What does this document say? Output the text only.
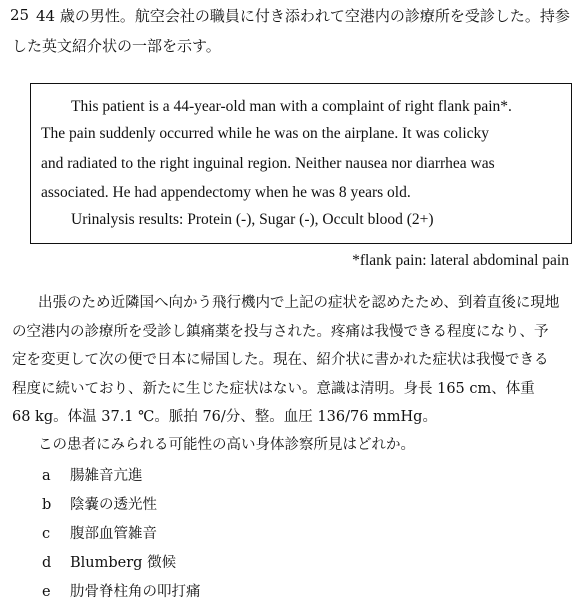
25 44 歳の男性。航空会社の職員に付き添われて空港内の診療所を受診した。持参
した英文紹介状の一部を示す。
This patient is a 44-year-old man with a complaint of right flank pain*.
The pain suddenly occurred while he was on the airplane. It was colicky
and radiated to the right inguinal region. Neither nausea nor diarrhea was
associated. He had appendectomy when he was 8 years old.
Urinalysis results: Protein (-), Sugar (-), Occult blood (2+)
*flank pain: lateral abdominal pain
出張のため近隣国へ向かう飛行機内で上記の症状を認めたため、到着直後に現地
の空港内の診療所を受診し鎮痛薬を投与された。疼痛は我慢できる程度になり、予
定を変更して次の便で日本に帰国した。現在、紹介状に書かれた症状は我慢できる
程度に続いており、新たに生じた症状はない。意識は清明。身長 165 cm、体重
68 kg。体温 37.1 ℃。脈拍 76/分、整。血圧 136/76 mmHg。
この患者にみられる可能性の高い身体診察所見はどれか。
a 腸雑音亢進
b 陰嚢の透光性
c 腹部血管雑音
d Blumberg 徴候
e 肋骨脊柱角の叩打痛
